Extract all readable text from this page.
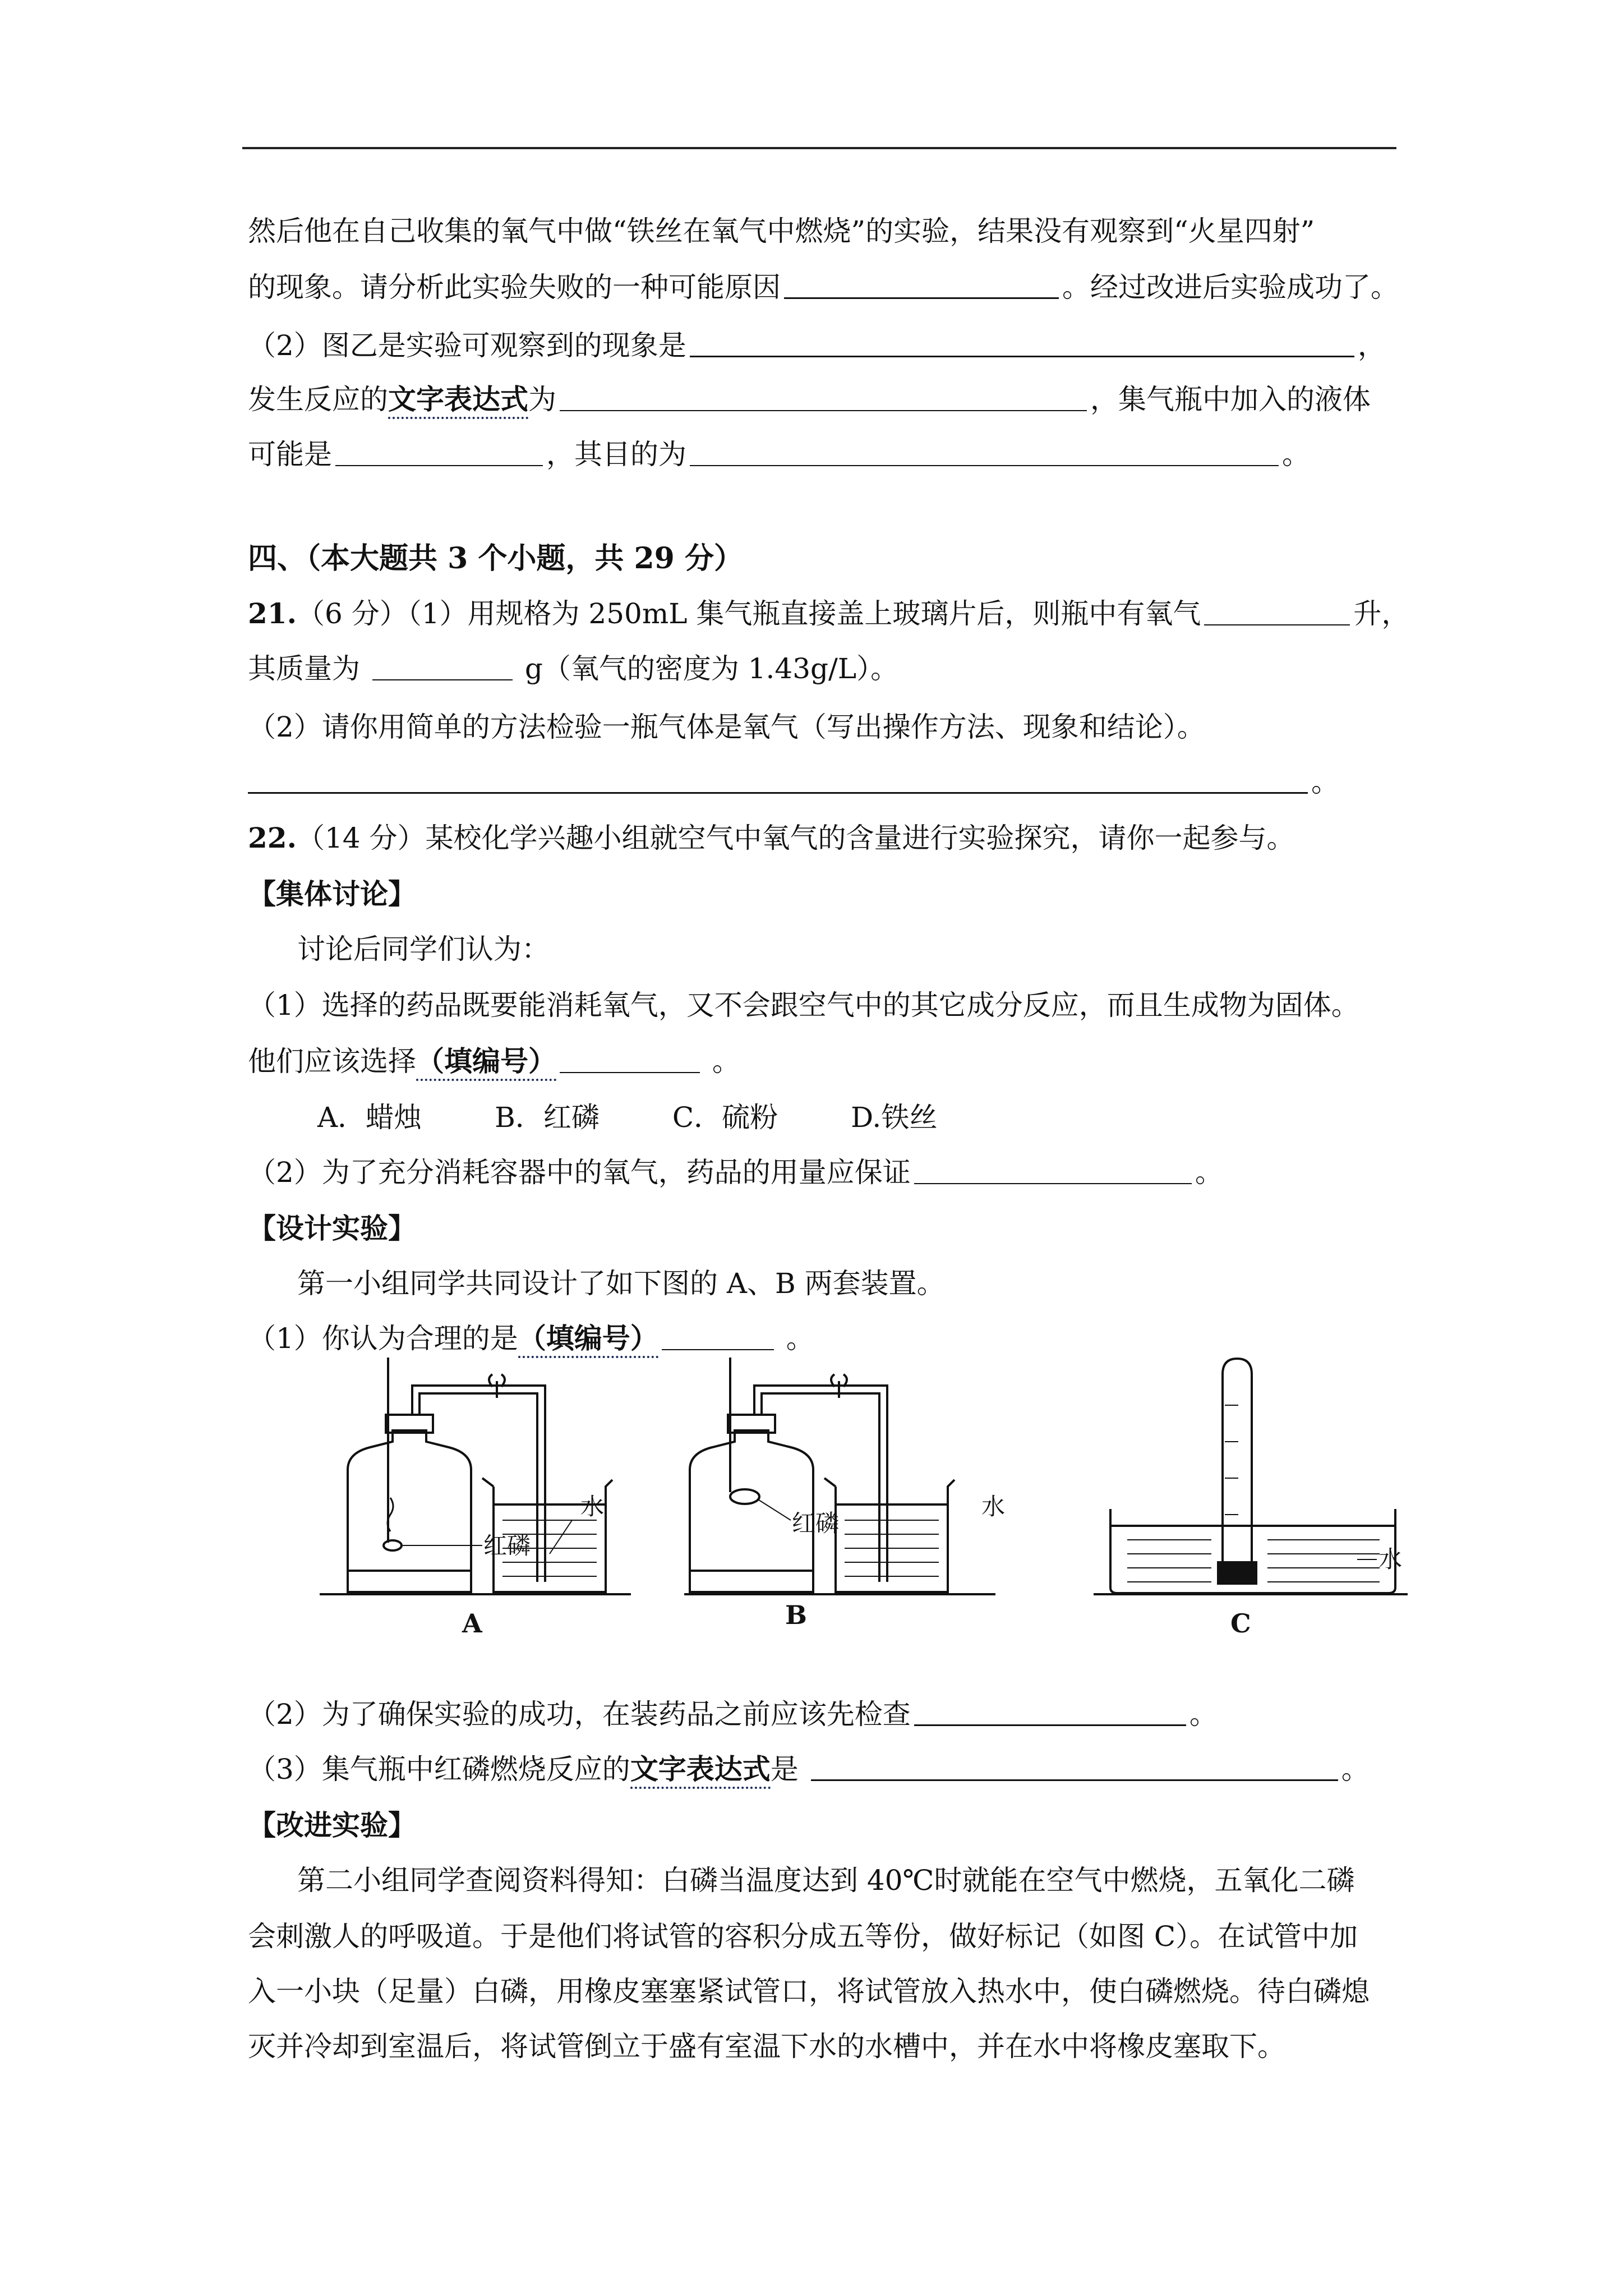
然后他在自己收集的氧气中做“铁丝在氧气中燃烧”的实验，结果没有观察到“火星四射”
的现象。请分析此实验失败的一种可能原因	。经过改进后实验成功了。
（2）图乙是实验可观察到的现象是	，
发生反应的文字表达式为	，集气瓶中加入的液体
可能是	，其目的为	。
四、（本大题共 3 个小题，共 29 分）
21.（6 分）（1）用规格为 250mL 集气瓶直接盖上玻璃片后，则瓶中有氧气	升，
其质量为	g（氧气的密度为 1.43g/L）。
（2）请你用简单的方法检验一瓶气体是氧气（写出操作方法、现象和结论）。
。
22.（14 分）某校化学兴趣小组就空气中氧气的含量进行实验探究，请你一起参与。
【集体讨论】
讨论后同学们认为：
（1）选择的药品既要能消耗氧气，又不会跟空气中的其它成分反应，而且生成物为固体。
他们应该选择（填编号）	。
A．蜡烛	B．红磷	C．硫粉	D.铁丝
（2）为了充分消耗容器中的氧气，药品的用量应保证	。
【设计实验】
第一小组同学共同设计了如下图的 A、B 两套装置。
（1）你认为合理的是（填编号）	。
红磷
水
红磷
水
水
A	B	C
（2）为了确保实验的成功，在装药品之前应该先检查	。
（3）集气瓶中红磷燃烧反应的文字表达式是	。
【改进实验】
第二小组同学查阅资料得知：白磷当温度达到 40℃时就能在空气中燃烧，五氧化二磷
会刺激人的呼吸道。于是他们将试管的容积分成五等份，做好标记（如图 C）。在试管中加
入一小块（足量）白磷，用橡皮塞塞紧试管口，将试管放入热水中，使白磷燃烧。待白磷熄
灭并冷却到室温后，将试管倒立于盛有室温下水的水槽中，并在水中将橡皮塞取下。
